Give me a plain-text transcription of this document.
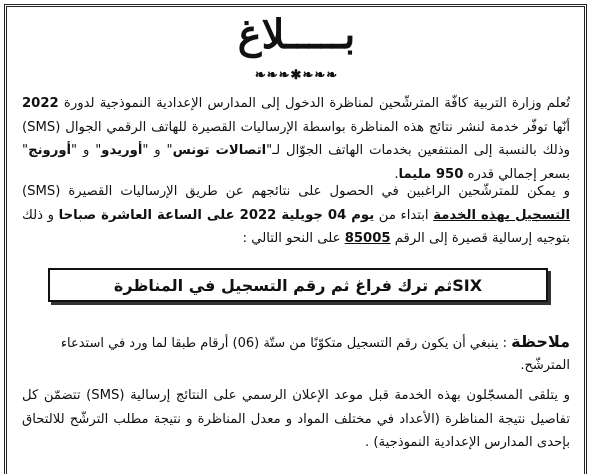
بـــــلاغ
❧❧❧✱❧❧❧

تُعلم وزارة التربية كافّة المترشّحين لمناظرة الدخول إلى المدارس الإعدادية النموذجية لدورة 2022 أنّها توفّر خدمة لنشر نتائج هذه المناظرة بواسطة الإرساليات القصيرة للهاتف الرقمي الجوال (SMS) وذلك بالنسبة إلى المنتفعين بخدمات الهاتف الجوّال لـ"اتصالات تونس" و "أوريدو" و "أورونج" بسعر إجمالي قدره 950 مليما.

و يمكن للمترشّحين الراغبين في الحصول على نتائجهم عن طريق الإرساليات القصيرة (SMS) التسجيل بهذه الخدمة ابتداء من يوم 04 جويلية 2022 على الساعة العاشرة صباحا و ذلك بتوجيه إرسالية قصيرة إلى الرقم 85005 على النحو التالي :

SIX
ثم ترك فراغ ثم رقم التسجيل في المناظرة

ملاحظة : ينبغي أن يكون رقم التسجيل متكوّنًا من ستّة (06) أرقام طبقا لما ورد في استدعاء المترشّح.

و يتلقى المسجّلون بهذه الخدمة قبل موعد الإعلان الرسمي على النتائج إرسالية (SMS) تتضمّن كل تفاصيل نتيجة المناظرة (الأعداد في مختلف المواد و معدل المناظرة و نتيجة مطلب الترشّح للالتحاق بإحدى المدارس الإعدادية النموذجية) .
